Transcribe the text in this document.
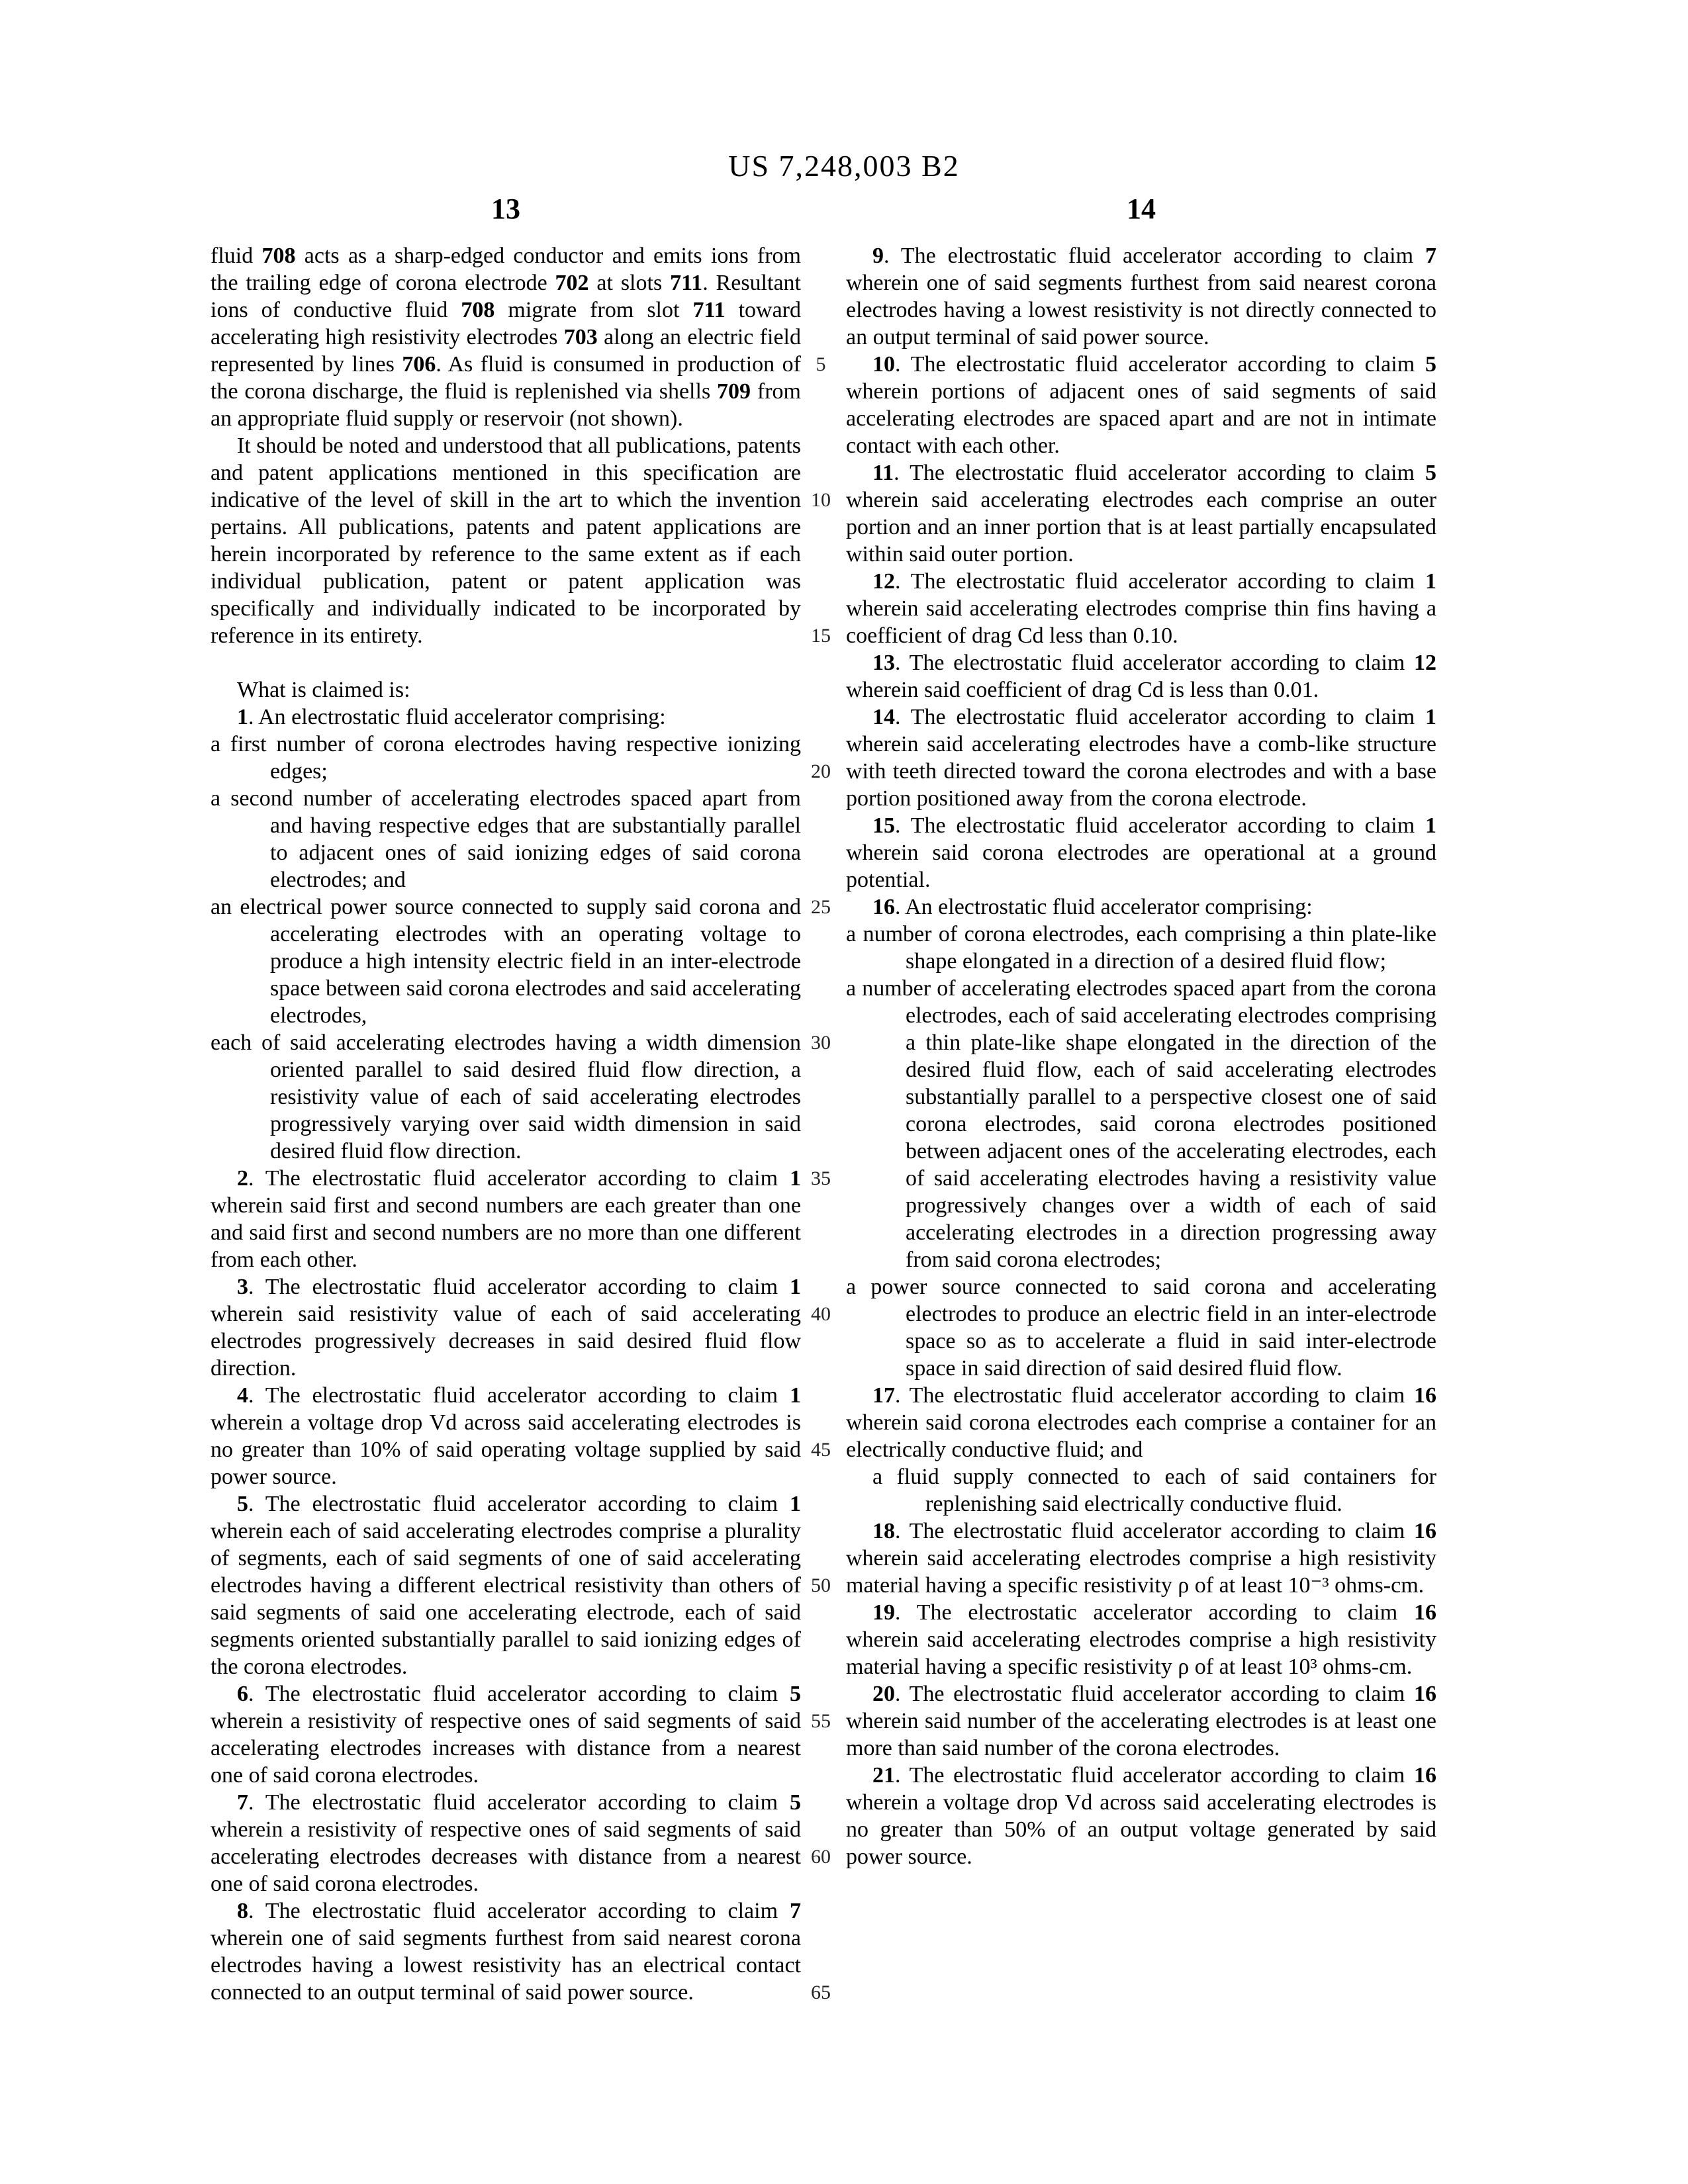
US 7,248,003 B2
13	14

fluid 708 acts as a sharp-edged conductor and emits ions from the trailing edge of corona electrode 702 at slots 711. Resultant ions of conductive fluid 708 migrate from slot 711 toward accelerating high resistivity electrodes 703 along an electric field represented by lines 706. As fluid is consumed in production of the corona discharge, the fluid is replenished via shells 709 from an appropriate fluid supply or reservoir (not shown).

It should be noted and understood that all publications, patents and patent applications mentioned in this specification are indicative of the level of skill in the art to which the invention pertains. All publications, patents and patent applications are herein incorporated by reference to the same extent as if each individual publication, patent or patent application was specifically and individually indicated to be incorporated by reference in its entirety.

What is claimed is:

1. An electrostatic fluid accelerator comprising:

a first number of corona electrodes having respective ionizing edges;

a second number of accelerating electrodes spaced apart from and having respective edges that are substantially parallel to adjacent ones of said ionizing edges of said corona electrodes; and

an electrical power source connected to supply said corona and accelerating electrodes with an operating voltage to produce a high intensity electric field in an inter-electrode space between said corona electrodes and said accelerating electrodes,

each of said accelerating electrodes having a width dimension oriented parallel to said desired fluid flow direction, a resistivity value of each of said accelerating electrodes progressively varying over said width dimension in said desired fluid flow direction.

2. The electrostatic fluid accelerator according to claim 1 wherein said first and second numbers are each greater than one and said first and second numbers are no more than one different from each other.

3. The electrostatic fluid accelerator according to claim 1 wherein said resistivity value of each of said accelerating electrodes progressively decreases in said desired fluid flow direction.

4. The electrostatic fluid accelerator according to claim 1 wherein a voltage drop Vd across said accelerating electrodes is no greater than 10% of said operating voltage supplied by said power source.

5. The electrostatic fluid accelerator according to claim 1 wherein each of said accelerating electrodes comprise a plurality of segments, each of said segments of one of said accelerating electrodes having a different electrical resistivity than others of said segments of said one accelerating electrode, each of said segments oriented substantially parallel to said ionizing edges of the corona electrodes.

6. The electrostatic fluid accelerator according to claim 5 wherein a resistivity of respective ones of said segments of said accelerating electrodes increases with distance from a nearest one of said corona electrodes.

7. The electrostatic fluid accelerator according to claim 5 wherein a resistivity of respective ones of said segments of said accelerating electrodes decreases with distance from a nearest one of said corona electrodes.

8. The electrostatic fluid accelerator according to claim 7 wherein one of said segments furthest from said nearest corona electrodes having a lowest resistivity has an electrical contact connected to an output terminal of said power source.

5
10
15
20
25
30
35
40
45
50
55
60
65

9. The electrostatic fluid accelerator according to claim 7 wherein one of said segments furthest from said nearest corona electrodes having a lowest resistivity is not directly connected to an output terminal of said power source.

10. The electrostatic fluid accelerator according to claim 5 wherein portions of adjacent ones of said segments of said accelerating electrodes are spaced apart and are not in intimate contact with each other.

11. The electrostatic fluid accelerator according to claim 5 wherein said accelerating electrodes each comprise an outer portion and an inner portion that is at least partially encapsulated within said outer portion.

12. The electrostatic fluid accelerator according to claim 1 wherein said accelerating electrodes comprise thin fins having a coefficient of drag Cd less than 0.10.

13. The electrostatic fluid accelerator according to claim 12 wherein said coefficient of drag Cd is less than 0.01.

14. The electrostatic fluid accelerator according to claim 1 wherein said accelerating electrodes have a comb-like structure with teeth directed toward the corona electrodes and with a base portion positioned away from the corona electrode.

15. The electrostatic fluid accelerator according to claim 1 wherein said corona electrodes are operational at a ground potential.

16. An electrostatic fluid accelerator comprising:

a number of corona electrodes, each comprising a thin plate-like shape elongated in a direction of a desired fluid flow;

a number of accelerating electrodes spaced apart from the corona electrodes, each of said accelerating electrodes comprising a thin plate-like shape elongated in the direction of the desired fluid flow, each of said accelerating electrodes substantially parallel to a perspective closest one of said corona electrodes, said corona electrodes positioned between adjacent ones of the accelerating electrodes, each of said accelerating electrodes having a resistivity value progressively changes over a width of each of said accelerating electrodes in a direction progressing away from said corona electrodes;

a power source connected to said corona and accelerating electrodes to produce an electric field in an inter-electrode space so as to accelerate a fluid in said inter-electrode space in said direction of said desired fluid flow.

17. The electrostatic fluid accelerator according to claim 16 wherein said corona electrodes each comprise a container for an electrically conductive fluid; and

a fluid supply connected to each of said containers for replenishing said electrically conductive fluid.

18. The electrostatic fluid accelerator according to claim 16 wherein said accelerating electrodes comprise a high resistivity material having a specific resistivity ρ of at least 10⁻³ ohms-cm.

19. The electrostatic accelerator according to claim 16 wherein said accelerating electrodes comprise a high resistivity material having a specific resistivity ρ of at least 10³ ohms-cm.

20. The electrostatic fluid accelerator according to claim 16 wherein said number of the accelerating electrodes is at least one more than said number of the corona electrodes.

21. The electrostatic fluid accelerator according to claim 16 wherein a voltage drop Vd across said accelerating electrodes is no greater than 50% of an output voltage generated by said power source.
